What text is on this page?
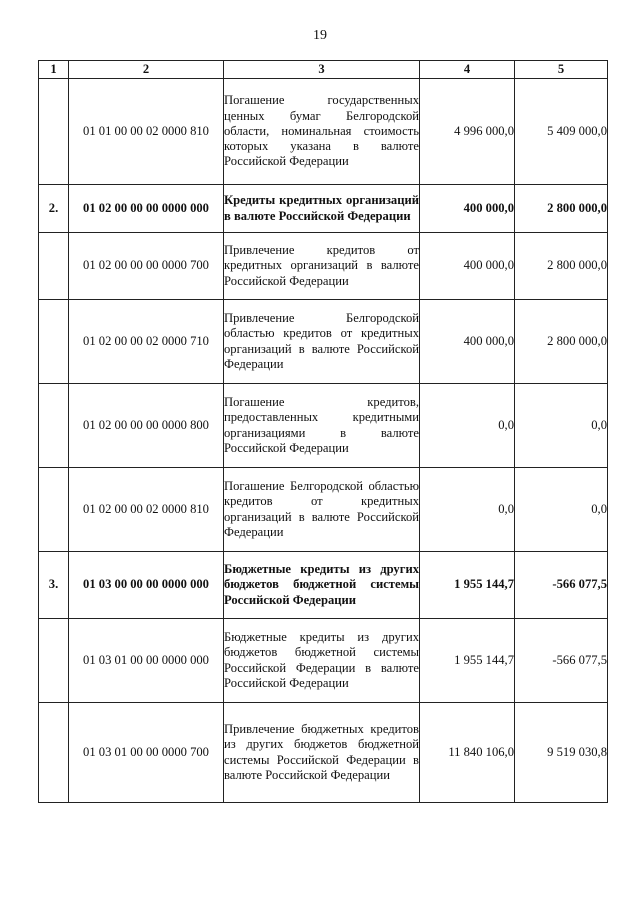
19
1	2	3	4	5
	01 01 00 00 02 0000 810	Погашение государственных ценных бумаг Белгородской области, номинальная стоимость которых указана в валюте Российской Федерации	4 996 000,0	5 409 000,0
2.	01 02 00 00 00 0000 000	Кредиты кредитных организаций в валюте Российской Федерации	400 000,0	2 800 000,0
	01 02 00 00 00 0000 700	Привлечение кредитов от кредитных организаций в валюте Российской Федерации	400 000,0	2 800 000,0
	01 02 00 00 02 0000 710	Привлечение Белгородской областью кредитов от кредитных организаций в валюте Российской Федерации	400 000,0	2 800 000,0
	01 02 00 00 00 0000 800	Погашение кредитов, предоставленных кредитными организациями в валюте Российской Федерации	0,0	0,0
	01 02 00 00 02 0000 810	Погашение Белгородской областью кредитов от кредитных организаций в валюте Российской Федерации	0,0	0,0
3.	01 03 00 00 00 0000 000	Бюджетные кредиты из других бюджетов бюджетной системы Российской Федерации	1 955 144,7	-566 077,5
	01 03 01 00 00 0000 000	Бюджетные кредиты из других бюджетов бюджетной системы Российской Федерации в валюте Российской Федерации	1 955 144,7	-566 077,5
	01 03 01 00 00 0000 700	Привлечение бюджетных кредитов из других бюджетов бюджетной системы Российской Федерации в валюте Российской Федерации	11 840 106,0	9 519 030,8
